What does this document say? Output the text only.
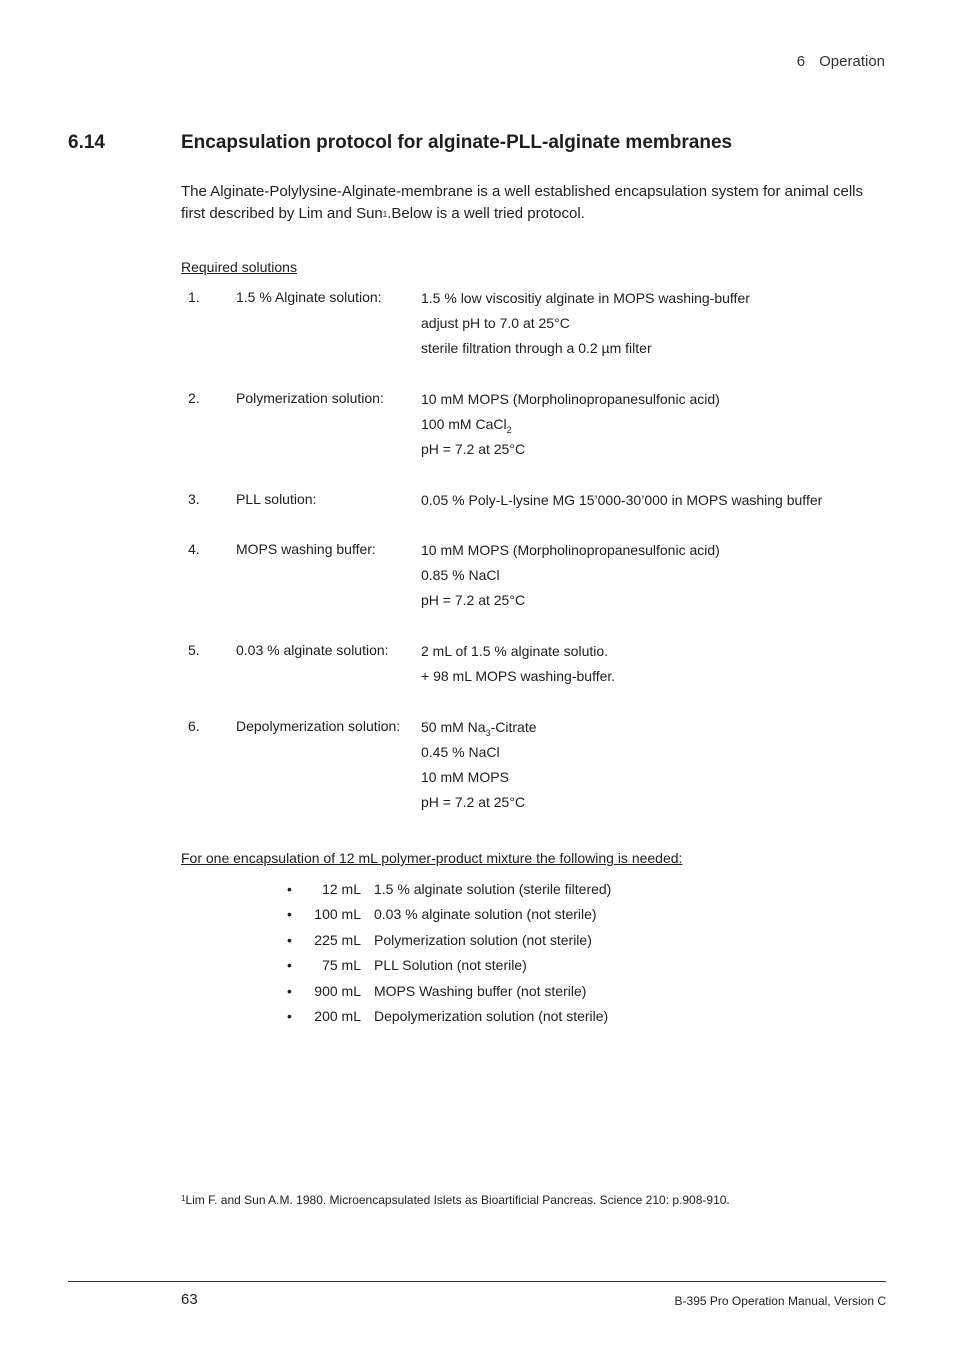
6 Operation
6.14	Encapsulation protocol for alginate-PLL-alginate membranes
The Alginate-Polylysine-Alginate-membrane is a well established encapsulation system for animal cells first described by Lim and Sun$^1$.Below is a well tried protocol.
Required solutions
1.	1.5 % Alginate solution:	1.5 % low viscositiy alginate in MOPS washing-buffer
adjust pH to 7.0 at 25°C
sterile filtration through a 0.2 µm filter
2.	Polymerization solution:	10 mM MOPS (Morpholinopropanesulfonic acid)
100 mM CaCl$_2$
pH = 7.2 at 25°C
3.	PLL solution:	0.05 % Poly-L-lysine MG 15’000-30’000 in MOPS washing buffer
4.	MOPS washing buffer:	10 mM MOPS (Morpholinopropanesulfonic acid)
0.85 % NaCl
pH = 7.2 at 25°C
5.	0.03 % alginate solution: 2 mL of 1.5 % alginate solutio.
+ 98 mL MOPS washing-buffer.
6.	Depolymerization solution: 50 mM $Na_3$-Citrate
0.45 % NaCl
10 mM MOPS
pH = 7.2 at 25°C
For one encapsulation of 12 mL polymer-product mixture the following is needed:
•	12 mL 1.5 % alginate solution (sterile filtered)
•	100 mL 0.03 % alginate solution (not sterile)
•	225 mL Polymerization solution (not sterile)
•	75 mL PLL Solution (not sterile)
•	900 mL MOPS Washing buffer (not sterile)
•	200 mL Depolymerization solution (not sterile)
$^1$Lim F. and Sun A.M. 1980. Microencapsulated Islets as Bioartificial Pancreas. Science 210: p.908-910.
63	B-395 Pro Operation Manual, Version C
